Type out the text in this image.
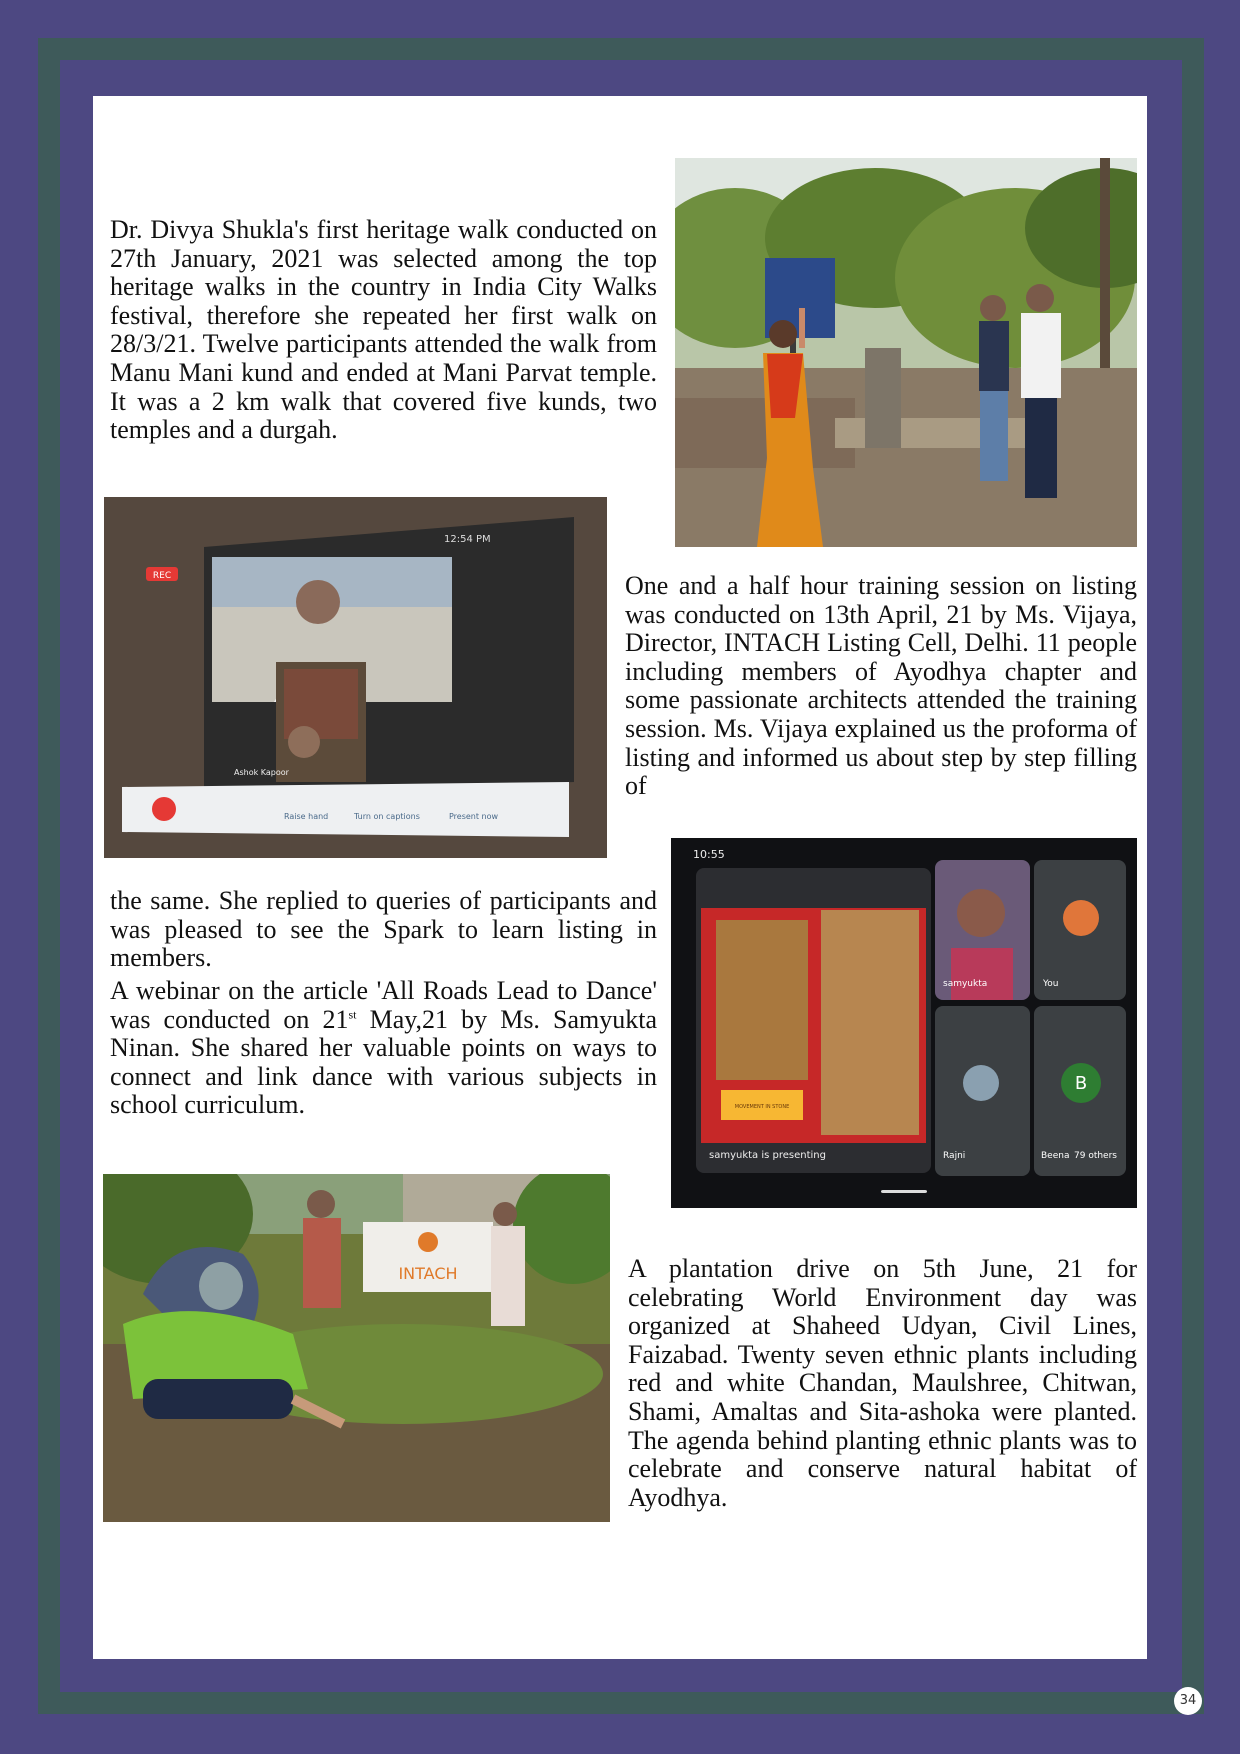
Dr. Divya Shukla's first heritage walk conducted on 27th January, 2021 was selected among the top heritage walks in the country in India City Walks festival, therefore she repeated her first walk on 28/3/21. Twelve participants attended the walk from Manu Mani kund and ended at Mani Parvat temple. It was a 2 km walk that covered five kunds, two temples and a durgah.

REC
12:54 PM
Ashok Kapoor
Raise hand	Turn on captions	Present now

One and a half hour training session on listing was conducted on 13th April, 21 by Ms. Vijaya, Director, INTACH Listing Cell, Delhi. 11 people including members of Ayodhya chapter and some passionate architects attended the training session. Ms. Vijaya explained us the proforma of listing and informed us about step by step filling of

10:55
MOVEMENT IN STONE
samyukta is presenting
samyukta	You
Rajni
B
Beena 79 others

the same. She replied to queries of participants and was pleased to see the Spark to learn listing in members.

A webinar on the article 'All Roads Lead to Dance' was conducted on 21st May,21 by Ms. Samyukta Ninan. She shared her valuable points on ways to connect and link dance with various subjects in school curriculum.

INTACH	A plantation drive on 5th June, 21 for celebrating World Environment day was organized at Shaheed Udyan, Civil Lines, Faizabad. Twenty seven ethnic plants including red and white Chandan, Maulshree, Chitwan, Shami, Amaltas and Sita-ashoka were planted. The agenda behind planting ethnic plants was to celebrate and conserve natural habitat of Ayodhya.

34
